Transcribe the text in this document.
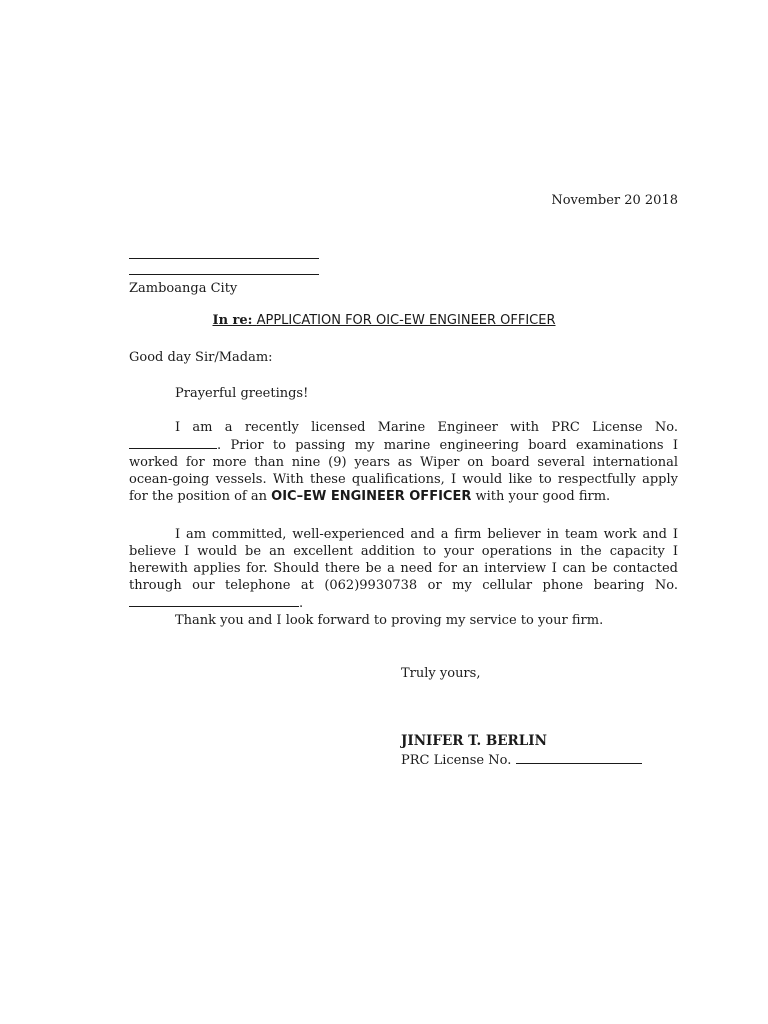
November 20 2018
Zamboanga City
In re: APPLICATION FOR OIC-EW ENGINEER OFFICER
Good day Sir/Madam:
Prayerful greetings!
I am a recently licensed Marine Engineer with PRC License No. . Prior to passing my marine engineering board examinations I worked for more than nine (9) years as Wiper on board several international ocean-going vessels. With these qualifications, I would like to respectfully apply for the position of an OIC–EW ENGINEER OFFICER with your good firm.
I am committed, well-experienced and a firm believer in team work and I believe I would be an excellent addition to your operations in the capacity I herewith applies for. Should there be a need for an interview I can be contacted through our telephone at (062)9930738 or my cellular phone bearing No. .
Thank you and I look forward to proving my service to your firm.
Truly yours,
JINIFER T. BERLIN
PRC License No.
